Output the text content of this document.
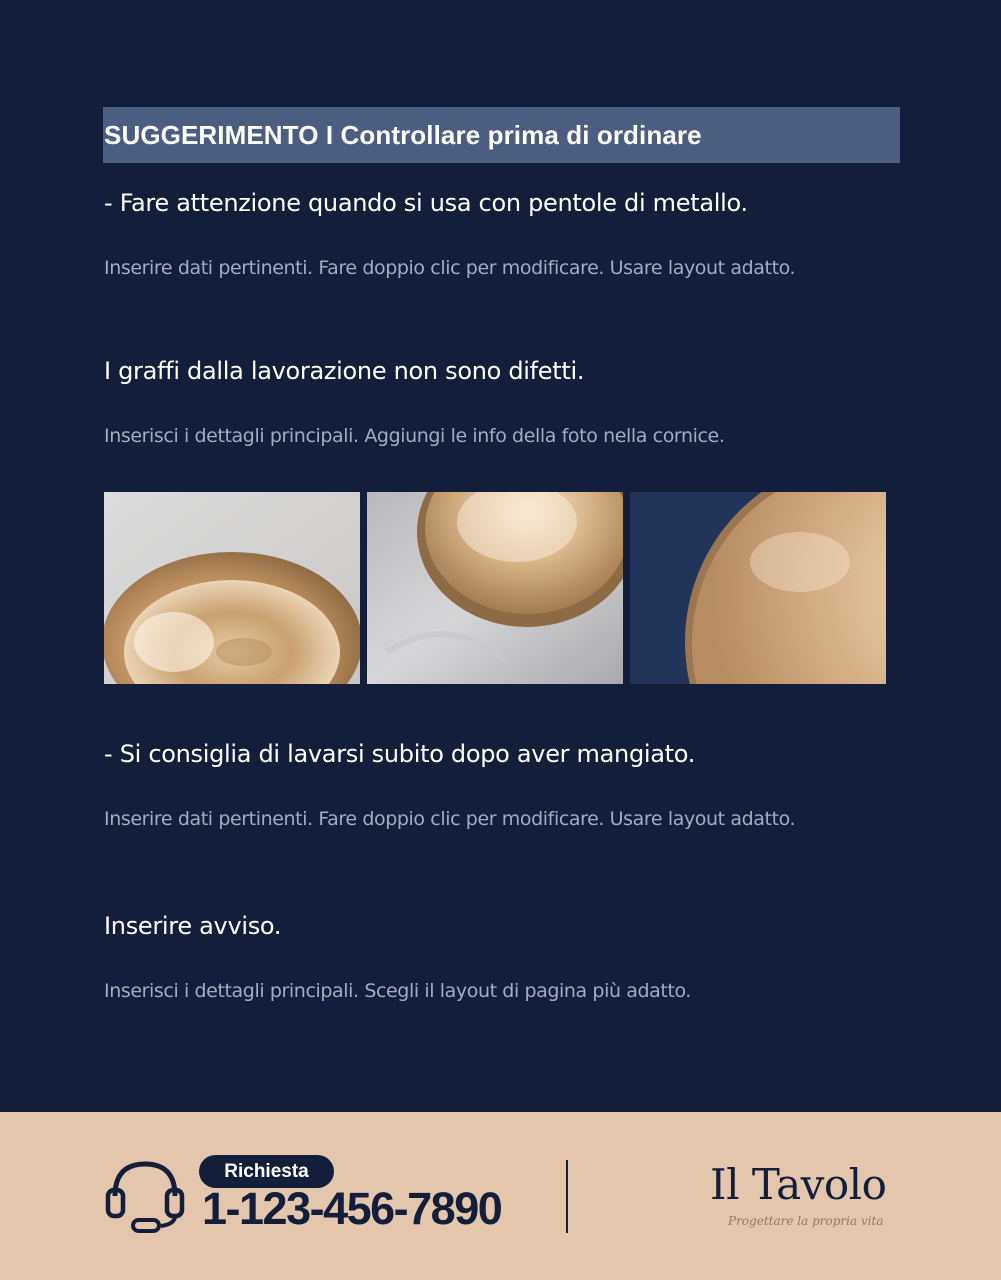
SUGGERIMENTO I Controllare prima di ordinare
- Fare attenzione quando si usa con pentole di metallo.
Inserire dati pertinenti. Fare doppio clic per modificare. Usare layout adatto.
I graffi dalla lavorazione non sono difetti.
Inserisci i dettagli principali. Aggiungi le info della foto nella cornice.
- Si consiglia di lavarsi subito dopo aver mangiato.
Inserire dati pertinenti. Fare doppio clic per modificare. Usare layout adatto.
Inserire avviso.
Inserisci i dettagli principali. Scegli il layout di pagina più adatto.
Richiesta
1-123-456-7890	Il Tavolo
Progettare la propria vita
